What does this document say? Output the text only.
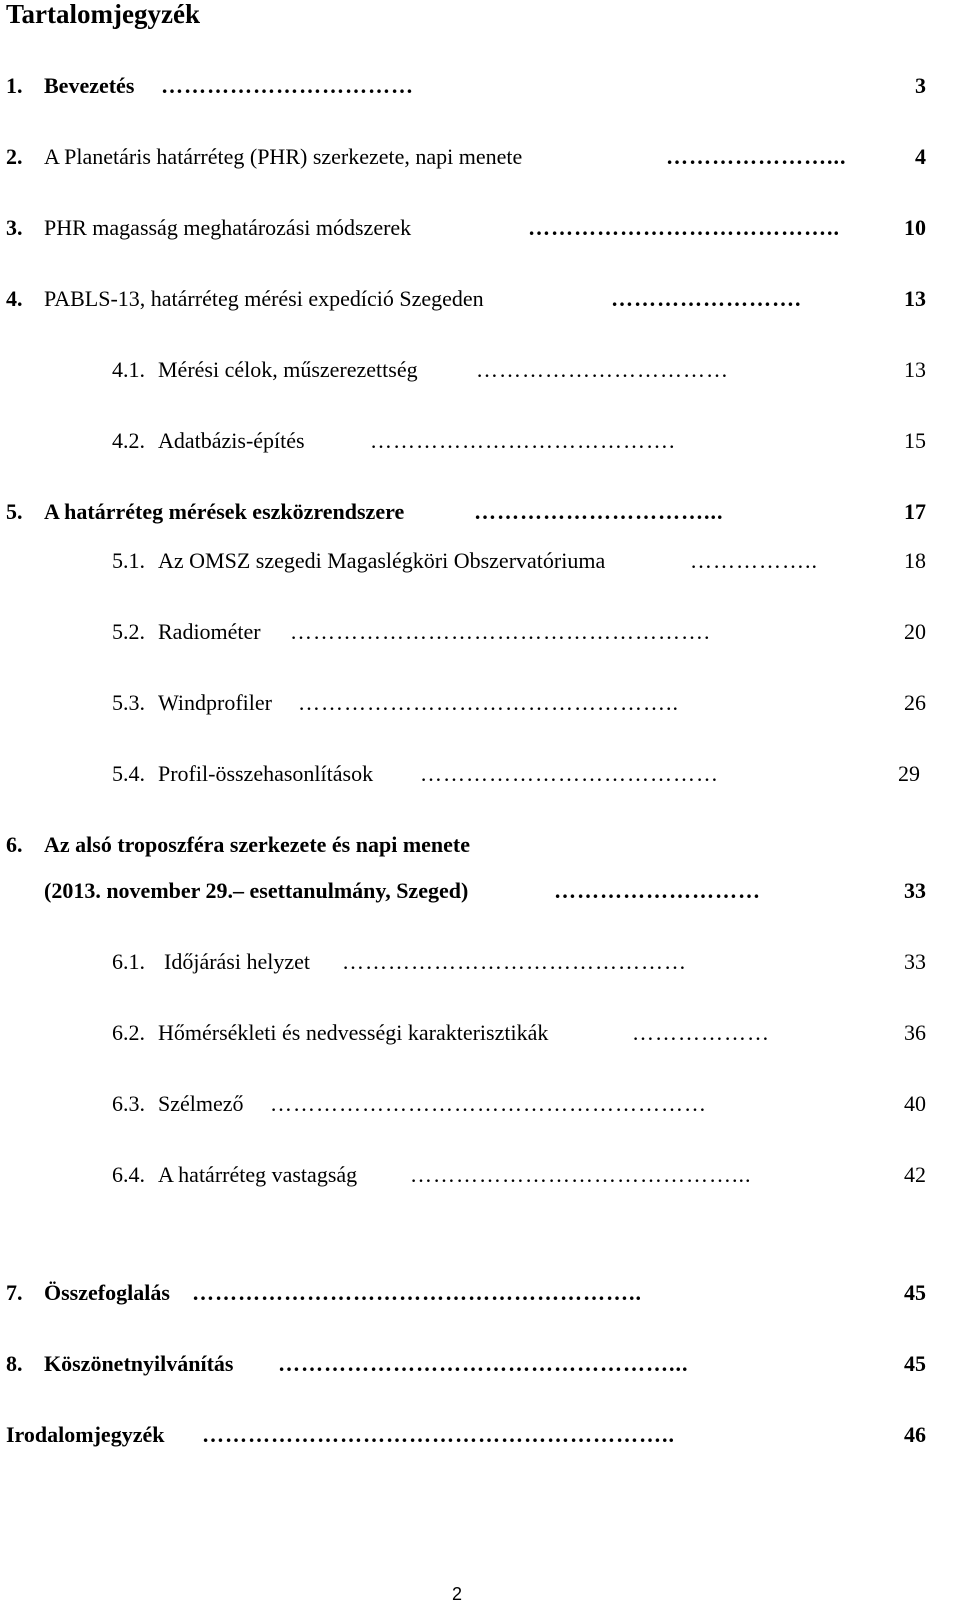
Tartalomjegyzék
1. Bevezetés ……………………………	3
2. A Planetáris határréteg (PHR) szerkezete, napi menete	…………………...	4
3. PHR magasság meghatározási módszerek	…………………………………..	10
4. PABLS-13, határréteg mérési expedíció Szegeden	…………………….	13
4.1. Mérési célok, műszerezettség	……………………………	13
4.2. Adatbázis-építés	………………………………….	15
5. A határréteg mérések eszközrendszere	…………………………...	17
5.1. Az OMSZ szegedi Magaslégköri Obszervatóriuma	……………..	18
5.2. Radiométer ……………………………………………….	20
5.3. Windprofiler …………………………………………..	26
5.4. Profil-összehasonlítások …………………………………	29
6. Az alsó troposzféra szerkezete és napi menete
(2013. november 29.– esettanulmány, Szeged)	………………………	33
6.1. Időjárási helyzet ………………………………………	33
6.2. Hőmérsékleti és nedvességi karakterisztikák	………………	36
6.3. Szélmező …………………………………………………	40
6.4. A határréteg vastagság ……………………………………...	42
7. Összefoglalás …………………………………………………..	45
8. Köszönetnyilvánítás ……………………………………………...	45
Irodalomjegyzék ……………………………………………………..	46
2
